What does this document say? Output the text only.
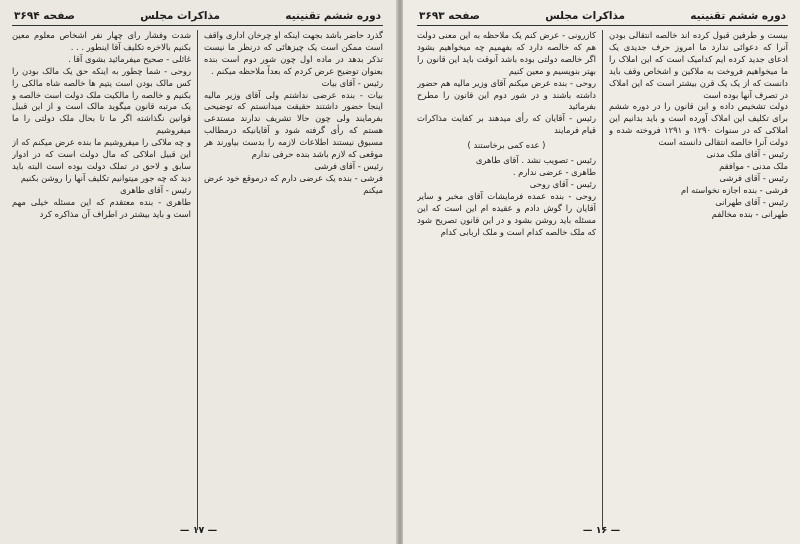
دوره ششم تقنینیه
مذاکرات مجلس
صفحه ۳۶۹۴

گذرد حاضر باشد بجهت اینکه او چرخان اداری واقف است ممکن است یک چیزهائی که درنظر ما نیست تذکر بدهد در ماده اول چون شور دوم است بنده بعنوان توضیح عرض کردم که بعداً ملاحظه میکنم .

رئیس - آقای بیات

بیات - بنده عرضی نداشتم ولی آقای وزیر مالیه اینجا حضور داشتند حقیقت میدانستم که توضیحی بفرمایند ولی چون حالا تشریف ندارند مستدعی هستم که رأی گرفته شود و آقایانیکه درمطالب مسبوق نیستند اطلاعات لازمه را بدست بیاورند هر موقعی که لازم باشد بنده حرفی ندارم

رئیس - آقای فرشی

فرشی - بنده یک عرضی دارم که درموقع خود عرض میکنم

شدت وفشار رای چهار نفر اشخاص معلوم معین بکنیم بالاخره تکلیف آقا اینطور . . .

غائلی - صحیح میفرمائید بشوی آقا .

روحی - شما چطور به اینکه حق یک مالک بودن را کس مالک بودن است یتیم ها خالصه شاه مالکی را بکنیم و خالصه را مالکیت ملک دولت است خالصه و یک مرتبه قانون میگوید مالک است و از این قبیل قوانین نگذاشته اگر ما تا بحال ملک دولتی را ما میفروشیم

و چه ملاکی را میفروشیم ما بنده عرض میکنم که از این قبیل املاکی که مال دولت است که در ادوار سابق و لاحق در تملک دولت بوده است البته باید دید که چه جور میتوانیم تکلیف آنها را روشن بکنیم

رئیس - آقای طاهری

طاهری - بنده معتقدم که این مسئله خیلی مهم است و باید بیشتر در اطراف آن مذاکره کرد

— ۱۷ —
دوره ششم تقنینیه
مذاکرات مجلس
صفحه ۳۶۹۳

بیست و طرفین قبول کرده اند خالصه انتقالی بودن آنرا که دعوائی ندارد ما امروز حرف جدیدی یک ادعای جدید کرده ایم کدامیک است که این املاک را ما میخواهیم فروخت به ملاکین و اشخاص وقف باید دانست که از یک یک قرن بیشتر است که این املاک در تصرف آنها بوده است

دولت تشخیص داده و این قانون را در دوره ششم برای تکلیف این املاک آورده است و باید بدانیم این املاکی که در سنوات ۱۲۹۰ و ۱۲۹۱ فروخته شده و دولت آنرا خالصه انتقالی دانسته است

رئیس - آقای ملک مدنی

ملک مدنی - موافقم

رئیس - آقای فرشی

فرشی - بنده اجازه نخواسته ام

رئیس - آقای طهرانی

طهرانی - بنده مخالفم

کازرونی - عرض کنم یک ملاحظه به این معنی دولت هم که خالصه دارد که بفهمیم چه میخواهیم بشود اگر خالصه دولتی بوده باشد آنوقت باید این قانون را بهتر بنویسیم و معین کنیم

روحی - بنده عرض میکنم آقای وزیر مالیه هم حضور داشته باشند و در شور دوم این قانون را مطرح بفرمائید

رئیس - آقایان که رأی میدهند بر کفایت مذاکرات قیام فرمایند

( عده کمی برخاستند )

رئیس - تصویب نشد . آقای طاهری

طاهری - عرضی ندارم .

رئیس - آقای روحی

روحی - بنده عمده فرمایشات آقای مخبر و سایر آقایان را گوش دادم و عقیده ام این است که این مسئله باید روشن بشود و در این قانون تصریح شود که ملک خالصه کدام است و ملک اربابی کدام

— ۱۶ —
